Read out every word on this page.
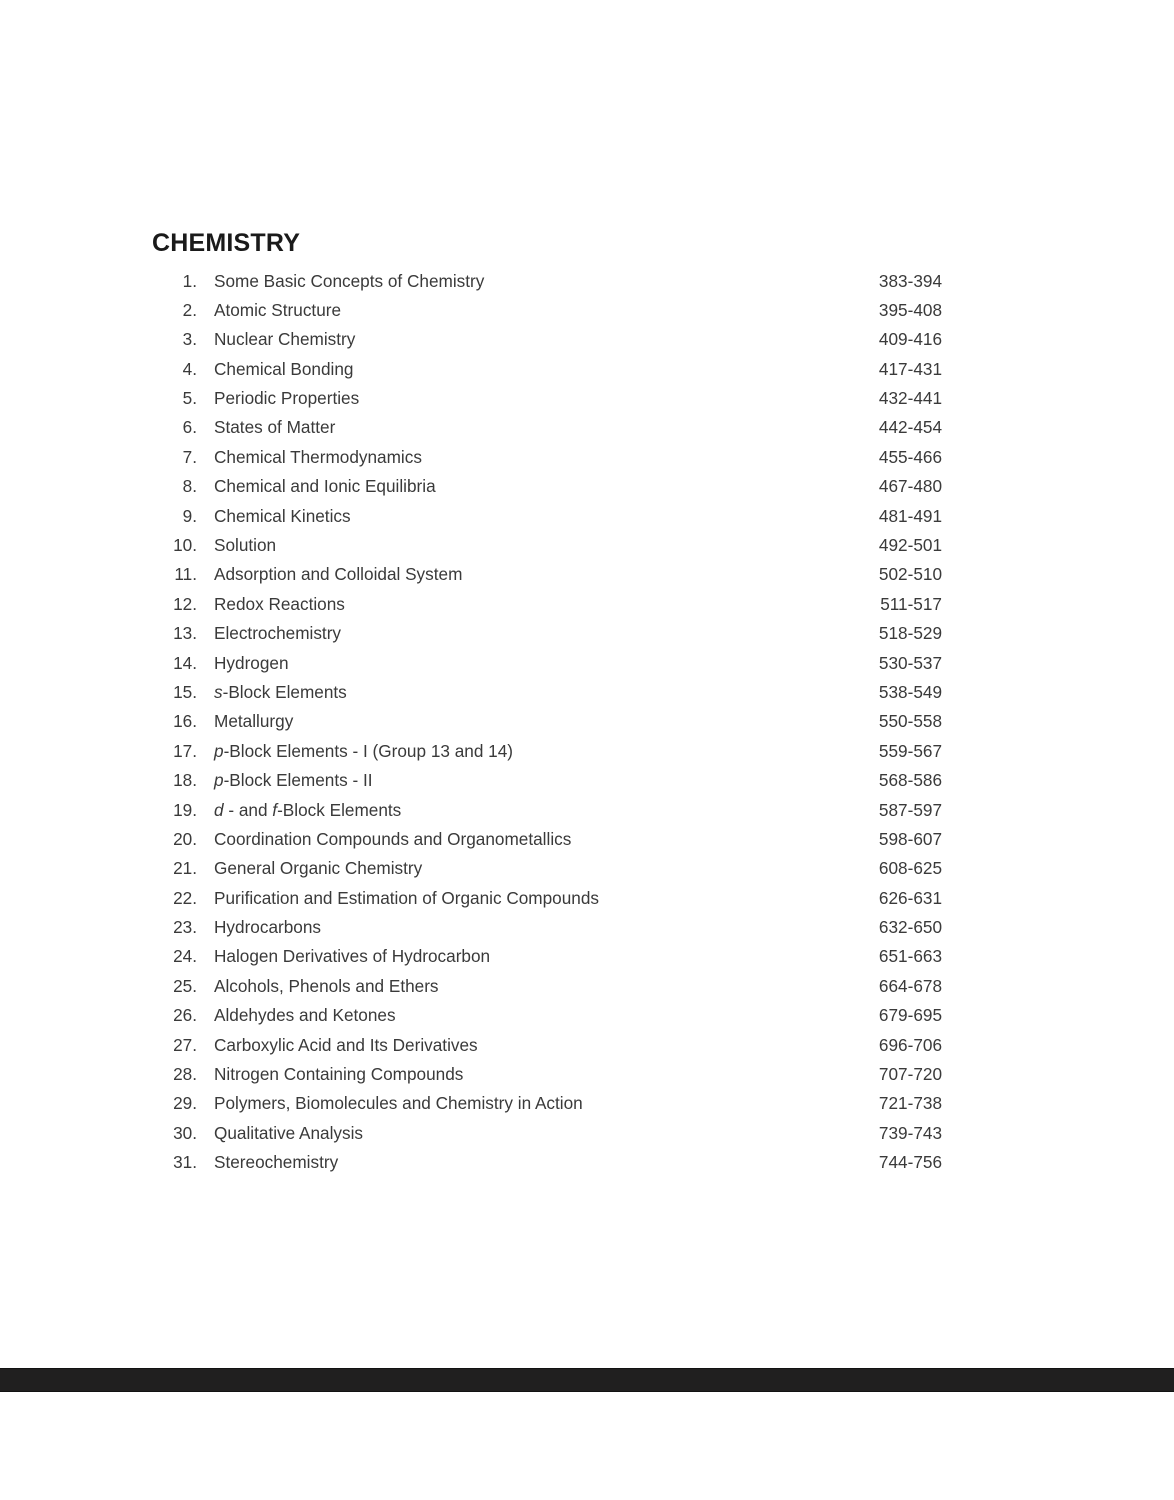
CHEMISTRY
1. Some Basic Concepts of Chemistry	383-394
2. Atomic Structure	395-408
3. Nuclear Chemistry	409-416
4. Chemical Bonding	417-431
5. Periodic Properties	432-441
6. States of Matter	442-454
7. Chemical Thermodynamics	455-466
8. Chemical and Ionic Equilibria	467-480
9. Chemical Kinetics	481-491
10. Solution	492-501
11. Adsorption and Colloidal System	502-510
12. Redox Reactions	511-517
13. Electrochemistry	518-529
14. Hydrogen	530-537
15. s-Block Elements	538-549
16. Metallurgy	550-558
17. p-Block Elements - I (Group 13 and 14)	559-567
18. p-Block Elements - II	568-586
19. d - and f-Block Elements	587-597
20. Coordination Compounds and Organometallics	598-607
21. General Organic Chemistry	608-625
22. Purification and Estimation of Organic Compounds	626-631
23. Hydrocarbons	632-650
24. Halogen Derivatives of Hydrocarbon	651-663
25. Alcohols, Phenols and Ethers	664-678
26. Aldehydes and Ketones	679-695
27. Carboxylic Acid and Its Derivatives	696-706
28. Nitrogen Containing Compounds	707-720
29. Polymers, Biomolecules and Chemistry in Action	721-738
30. Qualitative Analysis	739-743
31. Stereochemistry	744-756
